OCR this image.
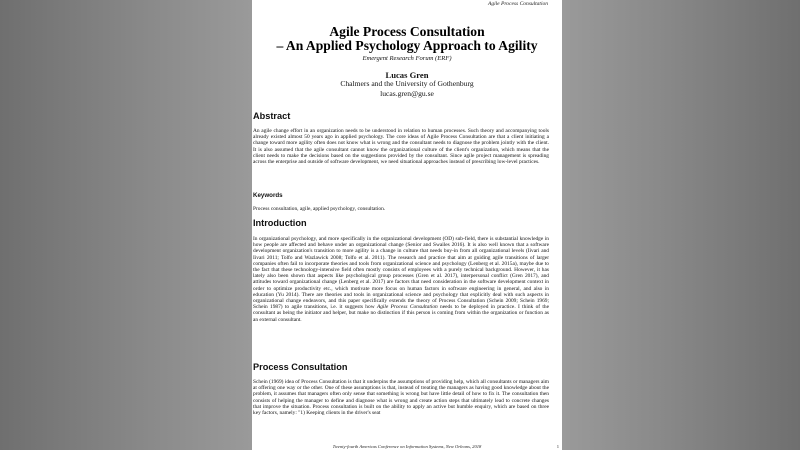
Agile Process Consultation
Agile Process Consultation
– An Applied Psychology Approach to Agility
Emergent Research Forum (ERF)
Lucas Gren
Chalmers and the University of Gothenburg
lucas.gren@gu.se
Abstract
An agile change effort in an organization needs to be understood in relation to human processes. Such theory and accompanying tools already existed almost 50 years ago in applied psychology. The core ideas of Agile Process Consultation are that a client initiating a change toward more agility often does not know what is wrong and the consultant needs to diagnose the problem jointly with the client. It is also assumed that the agile consultant cannot know the organizational culture of the client's organization, which means that the client needs to make the decisions based on the suggestions provided by the consultant. Since agile project management is spreading across the enterprise and outside of software development, we need situational approaches instead of prescribing low-level practices.
Keywords
Process consultation, agile, applied psychology, consultation.
Introduction
In organizational psychology, and more specifically in the organizational development (OD) sub-field, there is substantial knowledge in how people are affected and behave under an organizational change (Senior and Swailes 2016). It is also well known that a software development organization's transition to more agility is a change in culture that needs buy-in from all organizational levels (Iivari and Iivari 2011; Tolfo and Wazlawick 2008; Tolfo et al. 2011). The research and practice that aim at guiding agile transitions of larger companies often fail to incorporate theories and tools from organizational science and psychology (Lenberg et al. 2015a), maybe due to the fact that these technology-intensive field often mostly consists of employees with a purely technical background. However, it has lately also been shown that aspects like psychological group processes (Gren et al. 2017), interpersonal conflict (Gren 2017), and attitudes toward organizational change (Lenberg et al. 2017) are factors that need consideration in the software development context in order to optimize productivity etc., which motivate more focus on human factors in software engineering in general, and also in education (Yu 2014). There are theories and tools in organizational science and psychology that explicitly deal with such aspects in organizational change endeavors, and this paper specifically extends the theory of Process Consultation (Schein 2009; Schein 1969; Schein 1987) to agile transitions, i.e. it suggests how Agile Process Consultation needs to be deployed in practice. I think of the consultant as being the initiator and helper, but make no distinction if this person is coming from within the organization or function as an external consultant.
Process Consultation
Schein (1969) idea of Process Consultation is that it underpins the assumptions of providing help, which all consultants or managers aim at offering one way or the other. One of these assumptions is that, instead of treating the managers as having good knowledge about the problem, it assumes that managers often only sense that something is wrong but have little detail of how to fix it. The consultation then consists of helping the manager to define and diagnose what is wrong and create action steps that ultimately lead to concrete changes that improve the situation. Process consultation is built on the ability to apply an active but humble enquiry, which are based on three key factors, namely: "1) Keeping clients in the driver's seat
Twenty-fourth Americas Conference on Information Systems, New Orleans, 2018	1
